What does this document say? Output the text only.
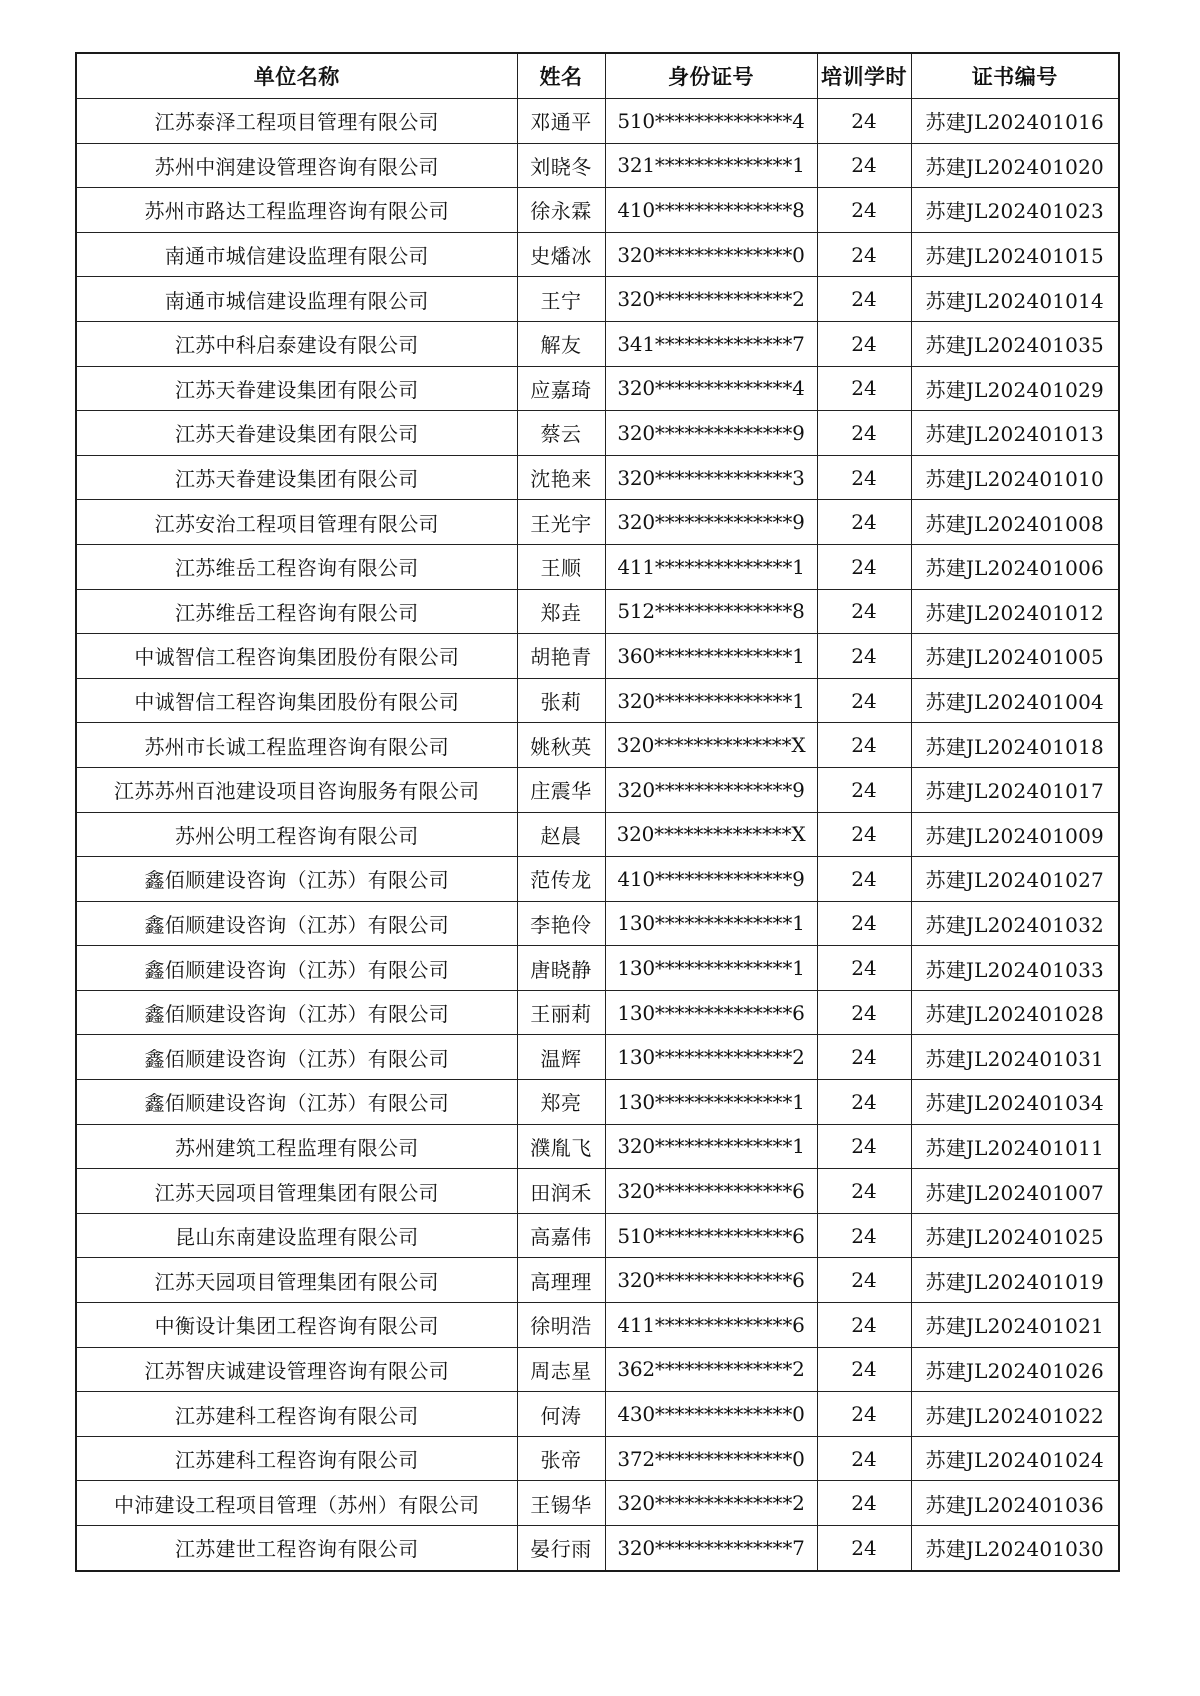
单位名称	姓名	身份证号	培训学时	证书编号
江苏泰泽工程项目管理有限公司	邓通平	510**************4	24	苏建JL202401016
苏州中润建设管理咨询有限公司	刘晓冬	321**************1	24	苏建JL202401020
苏州市路达工程监理咨询有限公司	徐永霖	410**************8	24	苏建JL202401023
南通市城信建设监理有限公司	史燔冰	320**************0	24	苏建JL202401015
南通市城信建设监理有限公司	王宁	320**************2	24	苏建JL202401014
江苏中科启泰建设有限公司	解友	341**************7	24	苏建JL202401035
江苏天眷建设集团有限公司	应嘉琦	320**************4	24	苏建JL202401029
江苏天眷建设集团有限公司	蔡云	320**************9	24	苏建JL202401013
江苏天眷建设集团有限公司	沈艳来	320**************3	24	苏建JL202401010
江苏安治工程项目管理有限公司	王光宇	320**************9	24	苏建JL202401008
江苏维岳工程咨询有限公司	王顺	411**************1	24	苏建JL202401006
江苏维岳工程咨询有限公司	郑垚	512**************8	24	苏建JL202401012
中诚智信工程咨询集团股份有限公司	胡艳青	360**************1	24	苏建JL202401005
中诚智信工程咨询集团股份有限公司	张莉	320**************1	24	苏建JL202401004
苏州市长诚工程监理咨询有限公司	姚秋英	320**************X	24	苏建JL202401018
江苏苏州百池建设项目咨询服务有限公司	庄震华	320**************9	24	苏建JL202401017
苏州公明工程咨询有限公司	赵晨	320**************X	24	苏建JL202401009
鑫佰顺建设咨询（江苏）有限公司	范传龙	410**************9	24	苏建JL202401027
鑫佰顺建设咨询（江苏）有限公司	李艳伶	130**************1	24	苏建JL202401032
鑫佰顺建设咨询（江苏）有限公司	唐晓静	130**************1	24	苏建JL202401033
鑫佰顺建设咨询（江苏）有限公司	王丽莉	130**************6	24	苏建JL202401028
鑫佰顺建设咨询（江苏）有限公司	温辉	130**************2	24	苏建JL202401031
鑫佰顺建设咨询（江苏）有限公司	郑亮	130**************1	24	苏建JL202401034
苏州建筑工程监理有限公司	濮胤飞	320**************1	24	苏建JL202401011
江苏天园项目管理集团有限公司	田润禾	320**************6	24	苏建JL202401007
昆山东南建设监理有限公司	高嘉伟	510**************6	24	苏建JL202401025
江苏天园项目管理集团有限公司	高理理	320**************6	24	苏建JL202401019
中衡设计集团工程咨询有限公司	徐明浩	411**************6	24	苏建JL202401021
江苏智庆诚建设管理咨询有限公司	周志星	362**************2	24	苏建JL202401026
江苏建科工程咨询有限公司	何涛	430**************0	24	苏建JL202401022
江苏建科工程咨询有限公司	张帝	372**************0	24	苏建JL202401024
中沛建设工程项目管理（苏州）有限公司	王锡华	320**************2	24	苏建JL202401036
江苏建世工程咨询有限公司	晏行雨	320**************7	24	苏建JL202401030
